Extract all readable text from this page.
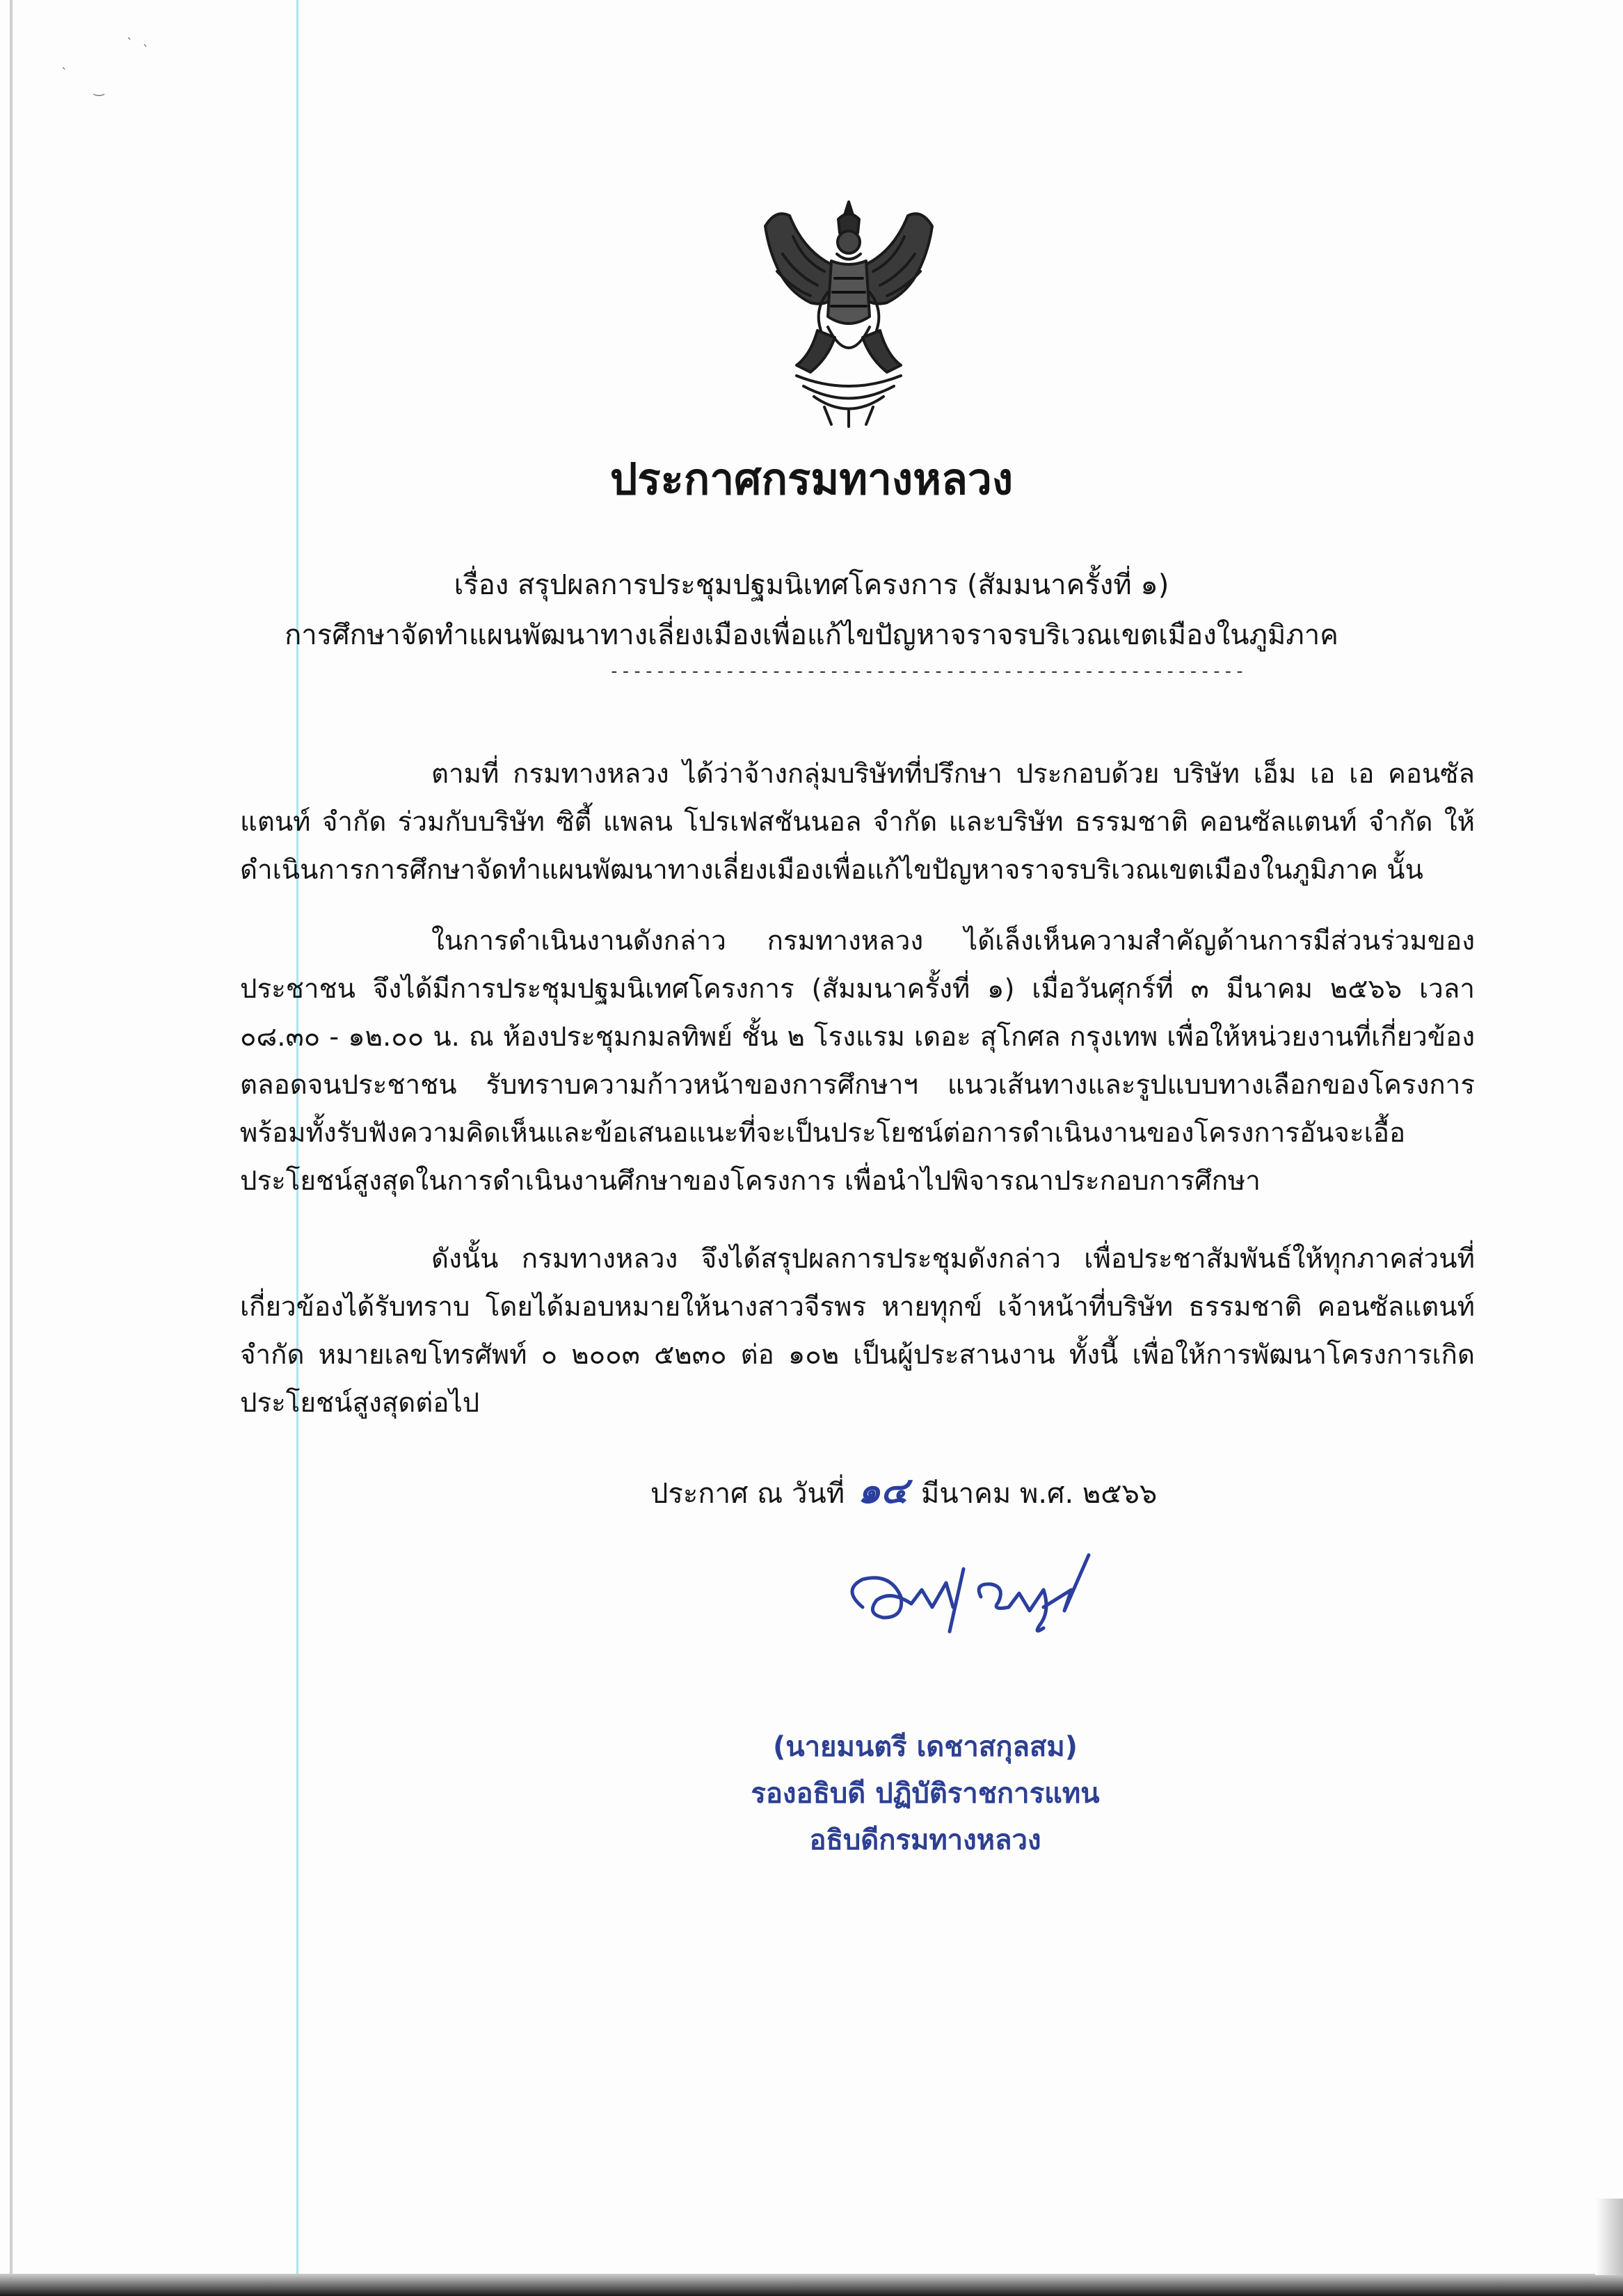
` `
`
‿
ประกาศกรมทางหลวง
เรื่อง สรุปผลการประชุมปฐมนิเทศโครงการ (สัมมนาครั้งที่ ๑)
การศึกษาจัดทำแผนพัฒนาทางเลี่ยงเมืองเพื่อแก้ไขปัญหาจราจรบริเวณเขตเมืองในภูมิภาค
-------------------------------------------------------

ตามที่ กรมทางหลวง ได้ว่าจ้างกลุ่มบริษัทที่ปรึกษา ประกอบด้วย บริษัท เอ็ม เอ เอ คอนซัลแตนท์ จำกัด ร่วมกับบริษัท ซิตี้ แพลน โปรเฟสชันนอล จำกัด และบริษัท ธรรมชาติ คอนซัลแตนท์ จำกัด ให้ดำเนินการการศึกษาจัดทำแผนพัฒนาทางเลี่ยงเมืองเพื่อแก้ไขปัญหาจราจรบริเวณเขตเมืองในภูมิภาค นั้น

ในการดำเนินงานดังกล่าว กรมทางหลวง ได้เล็งเห็นความสำคัญด้านการมีส่วนร่วมของประชาชน จึงได้มีการประชุมปฐมนิเทศโครงการ (สัมมนาครั้งที่ ๑) เมื่อวันศุกร์ที่ ๓ มีนาคม ๒๕๖๖ เวลา ๐๘.๓๐ - ๑๒.๐๐ น. ณ ห้องประชุมกมลทิพย์ ชั้น ๒ โรงแรม เดอะ สุโกศล กรุงเทพ เพื่อให้หน่วยงานที่เกี่ยวข้อง ตลอดจนประชาชน รับทราบความก้าวหน้าของการศึกษาฯ แนวเส้นทางและรูปแบบทางเลือกของโครงการ พร้อมทั้งรับฟังความคิดเห็นและข้อเสนอแนะที่จะเป็นประโยชน์ต่อการดำเนินงานของโครงการอันจะเอื้อประโยชน์สูงสุดในการดำเนินงานศึกษาของโครงการ เพื่อนำไปพิจารณาประกอบการศึกษา

ดังนั้น กรมทางหลวง จึงได้สรุปผลการประชุมดังกล่าว เพื่อประชาสัมพันธ์ให้ทุกภาคส่วนที่เกี่ยวข้องได้รับทราบ โดยได้มอบหมายให้นางสาวจีรพร หายทุกข์ เจ้าหน้าที่บริษัท ธรรมชาติ คอนซัลแตนท์ จำกัด หมายเลขโทรศัพท์ ๐ ๒๐๐๓ ๕๒๓๐ ต่อ ๑๐๒ เป็นผู้ประสานงาน ทั้งนี้ เพื่อให้การพัฒนาโครงการเกิดประโยชน์สูงสุดต่อไป

ประกาศ ณ วันที่ ๑๔ มีนาคม พ.ศ. ๒๕๖๖
(นายมนตรี เดชาสกุลสม)
รองอธิบดี ปฏิบัติราชการแทน
อธิบดีกรมทางหลวง
